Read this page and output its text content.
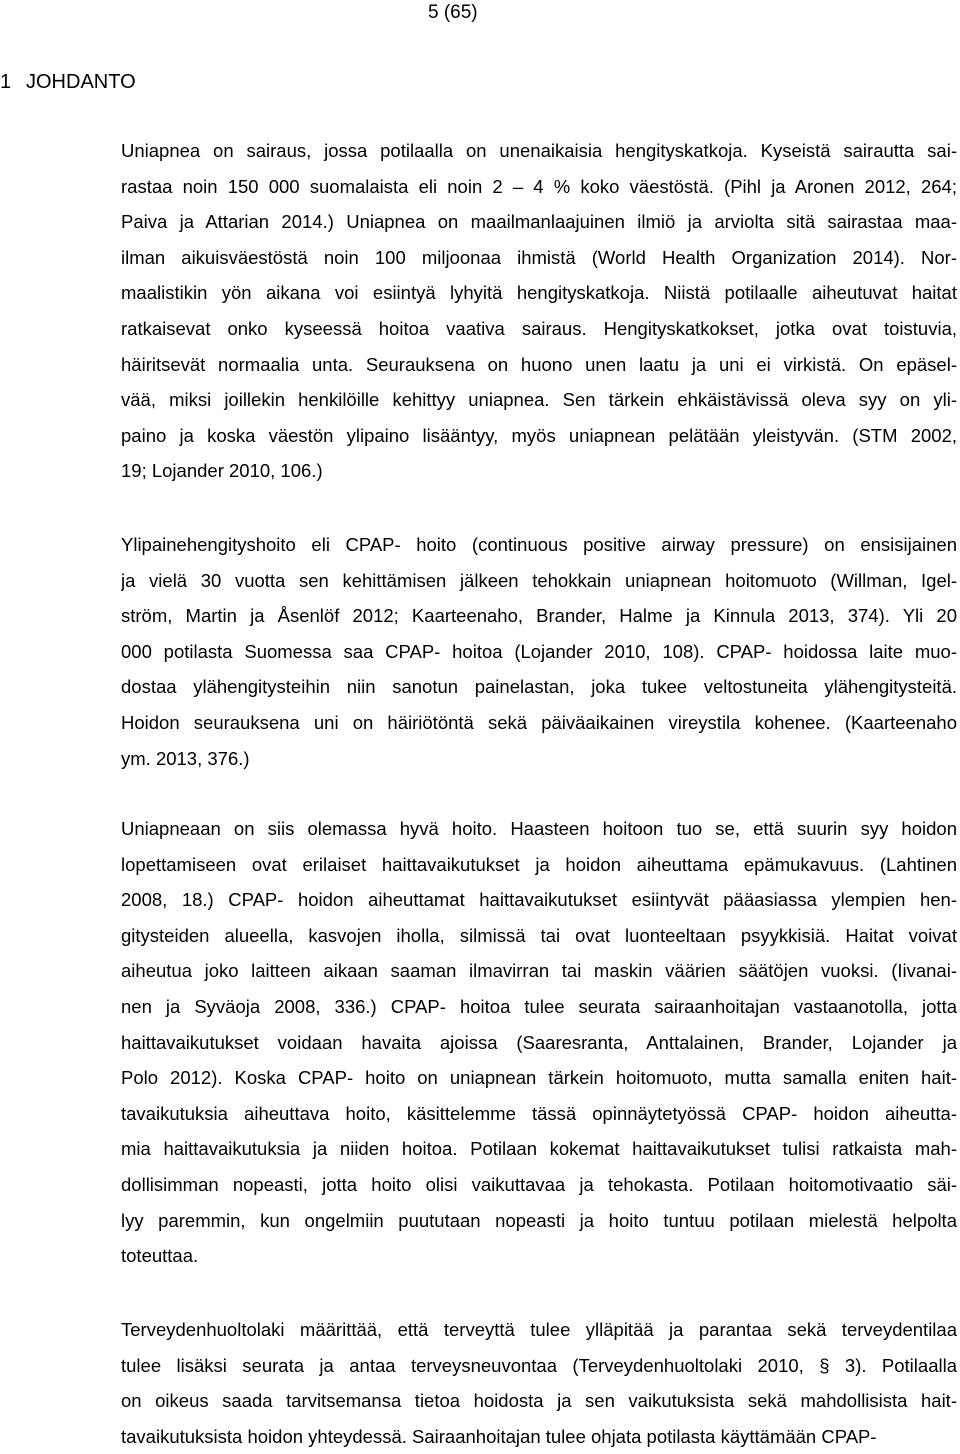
5 (65)
1 JOHDANTO
Uniapnea on sairaus, jossa potilaalla on unenaikaisia hengityskatkoja. Kyseistä sairautta sai-
rastaa noin 150 000 suomalaista eli noin 2 – 4 % koko väestöstä. (Pihl ja Aronen 2012, 264;
Paiva ja Attarian 2014.) Uniapnea on maailmanlaajuinen ilmiö ja arviolta sitä sairastaa maa-
ilman aikuisväestöstä noin 100 miljoonaa ihmistä (World Health Organization 2014). Nor-
maalistikin yön aikana voi esiintyä lyhyitä hengityskatkoja. Niistä potilaalle aiheutuvat haitat
ratkaisevat onko kyseessä hoitoa vaativa sairaus. Hengityskatkokset, jotka ovat toistuvia,
häiritsevät normaalia unta. Seurauksena on huono unen laatu ja uni ei virkistä. On epäsel-
vää, miksi joillekin henkilöille kehittyy uniapnea. Sen tärkein ehkäistävissä oleva syy on yli-
paino ja koska väestön ylipaino lisääntyy, myös uniapnean pelätään yleistyvän. (STM 2002,
19; Lojander 2010, 106.)
Ylipainehengityshoito eli CPAP- hoito (continuous positive airway pressure) on ensisijainen
ja vielä 30 vuotta sen kehittämisen jälkeen tehokkain uniapnean hoitomuoto (Willman, Igel-
ström, Martin ja Åsenlöf 2012; Kaarteenaho, Brander, Halme ja Kinnula 2013, 374). Yli 20
000 potilasta Suomessa saa CPAP- hoitoa (Lojander 2010, 108). CPAP- hoidossa laite muo-
dostaa ylähengitysteihin niin sanotun painelastan, joka tukee veltostuneita ylähengitysteitä.
Hoidon seurauksena uni on häiriötöntä sekä päiväaikainen vireystila kohenee. (Kaarteenaho
ym. 2013, 376.)
Uniapneaan on siis olemassa hyvä hoito. Haasteen hoitoon tuo se, että suurin syy hoidon
lopettamiseen ovat erilaiset haittavaikutukset ja hoidon aiheuttama epämukavuus. (Lahtinen
2008, 18.) CPAP- hoidon aiheuttamat haittavaikutukset esiintyvät pääasiassa ylempien hen-
gitysteiden alueella, kasvojen iholla, silmissä tai ovat luonteeltaan psyykkisiä. Haitat voivat
aiheutua joko laitteen aikaan saaman ilmavirran tai maskin väärien säätöjen vuoksi. (Iivanai-
nen ja Syväoja 2008, 336.) CPAP- hoitoa tulee seurata sairaanhoitajan vastaanotolla, jotta
haittavaikutukset voidaan havaita ajoissa (Saaresranta, Anttalainen, Brander, Lojander ja
Polo 2012). Koska CPAP- hoito on uniapnean tärkein hoitomuoto, mutta samalla eniten hait-
tavaikutuksia aiheuttava hoito, käsittelemme tässä opinnäytetyössä CPAP- hoidon aiheutta-
mia haittavaikutuksia ja niiden hoitoa. Potilaan kokemat haittavaikutukset tulisi ratkaista mah-
dollisimman nopeasti, jotta hoito olisi vaikuttavaa ja tehokasta. Potilaan hoitomotivaatio säi-
lyy paremmin, kun ongelmiin puututaan nopeasti ja hoito tuntuu potilaan mielestä helpolta
toteuttaa.
Terveydenhuoltolaki määrittää, että terveyttä tulee ylläpitää ja parantaa sekä terveydentilaa
tulee lisäksi seurata ja antaa terveysneuvontaa (Terveydenhuoltolaki 2010, § 3). Potilaalla
on oikeus saada tarvitsemansa tietoa hoidosta ja sen vaikutuksista sekä mahdollisista hait-
tavaikutuksista hoidon yhteydessä. Sairaanhoitajan tulee ohjata potilasta käyttämään CPAP-
